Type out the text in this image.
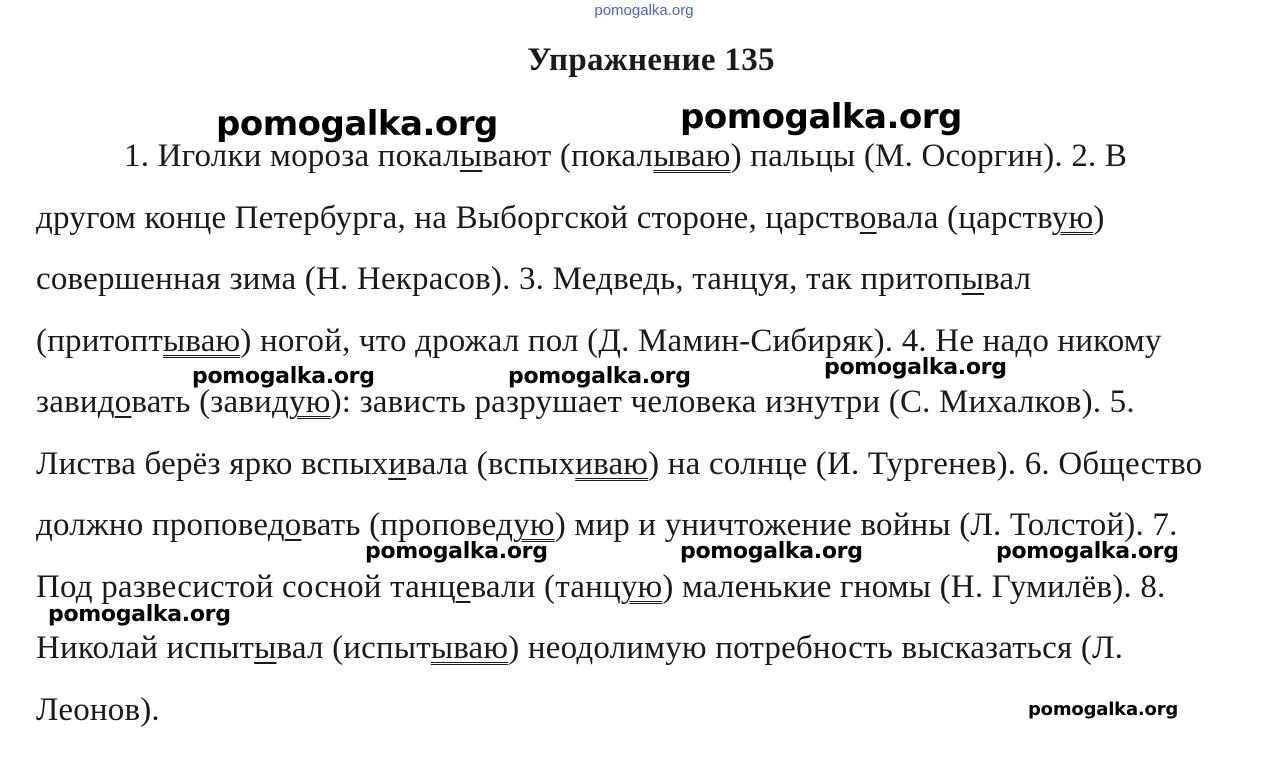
pomogalka.org
Упражнение 135

1. Иголки мороза покалывают (покалываю) пальцы (М. Осоргин). 2. В другом конце Петербурга, на Выборгской стороне, царствовала (царствую) совершенная зима (Н. Некрасов). 3. Медведь, танцуя, так притопывал (притоптываю) ногой, что дрожал пол (Д. Мамин-Сибиряк). 4. Не надо никому завидовать (завидую): зависть разрушает человека изнутри (С. Михалков). 5. Листва берёз ярко вспыхивала (вспыхиваю) на солнце (И. Тургенев). 6. Общество должно проповедовать (проповедую) мир и уничтожение войны (Л. Толстой). 7. Под развесистой сосной танцевали (танцую) маленькие гномы (Н. Гумилёв). 8. Николай испытывал (испытываю) неодолимую потребность высказаться (Л. Леонов).

pomogalka.org	pomogalka.org
pomogalka.org	pomogalka.org	pomogalka.org
pomogalka.org	pomogalka.org	pomogalka.org
pomogalka.org
pomogalka.org
